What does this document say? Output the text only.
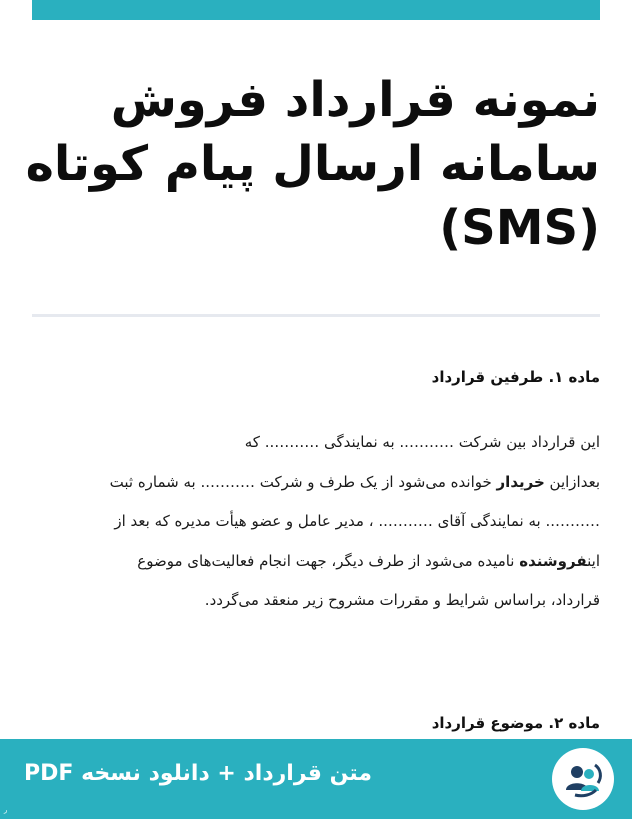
نمونه قرارداد فروش
سامانه ارسال پیام کوتاه
(SMS)
ماده ۱. طرفین قرارداد
این قرارداد بین شرکت ……….. به نمایندگی ……….. که
بعدازاین خریدار خوانده می‌شود از یک طرف و شرکت ……….. به شماره ثبت
……….. به نمایندگی آقای ……….. ، مدیر عامل و عضو هیأت مدیره که بعد از
اینفروشنده نامیده می‌شود از طرف دیگر، جهت انجام فعالیت‌های موضوع
قرارداد، براساس شرایط و مقررات مشروح زیر منعقد می‌گردد.
ماده ۲. موضوع قرارداد
متن قرارداد + دانلود نسخه PDF
ر
